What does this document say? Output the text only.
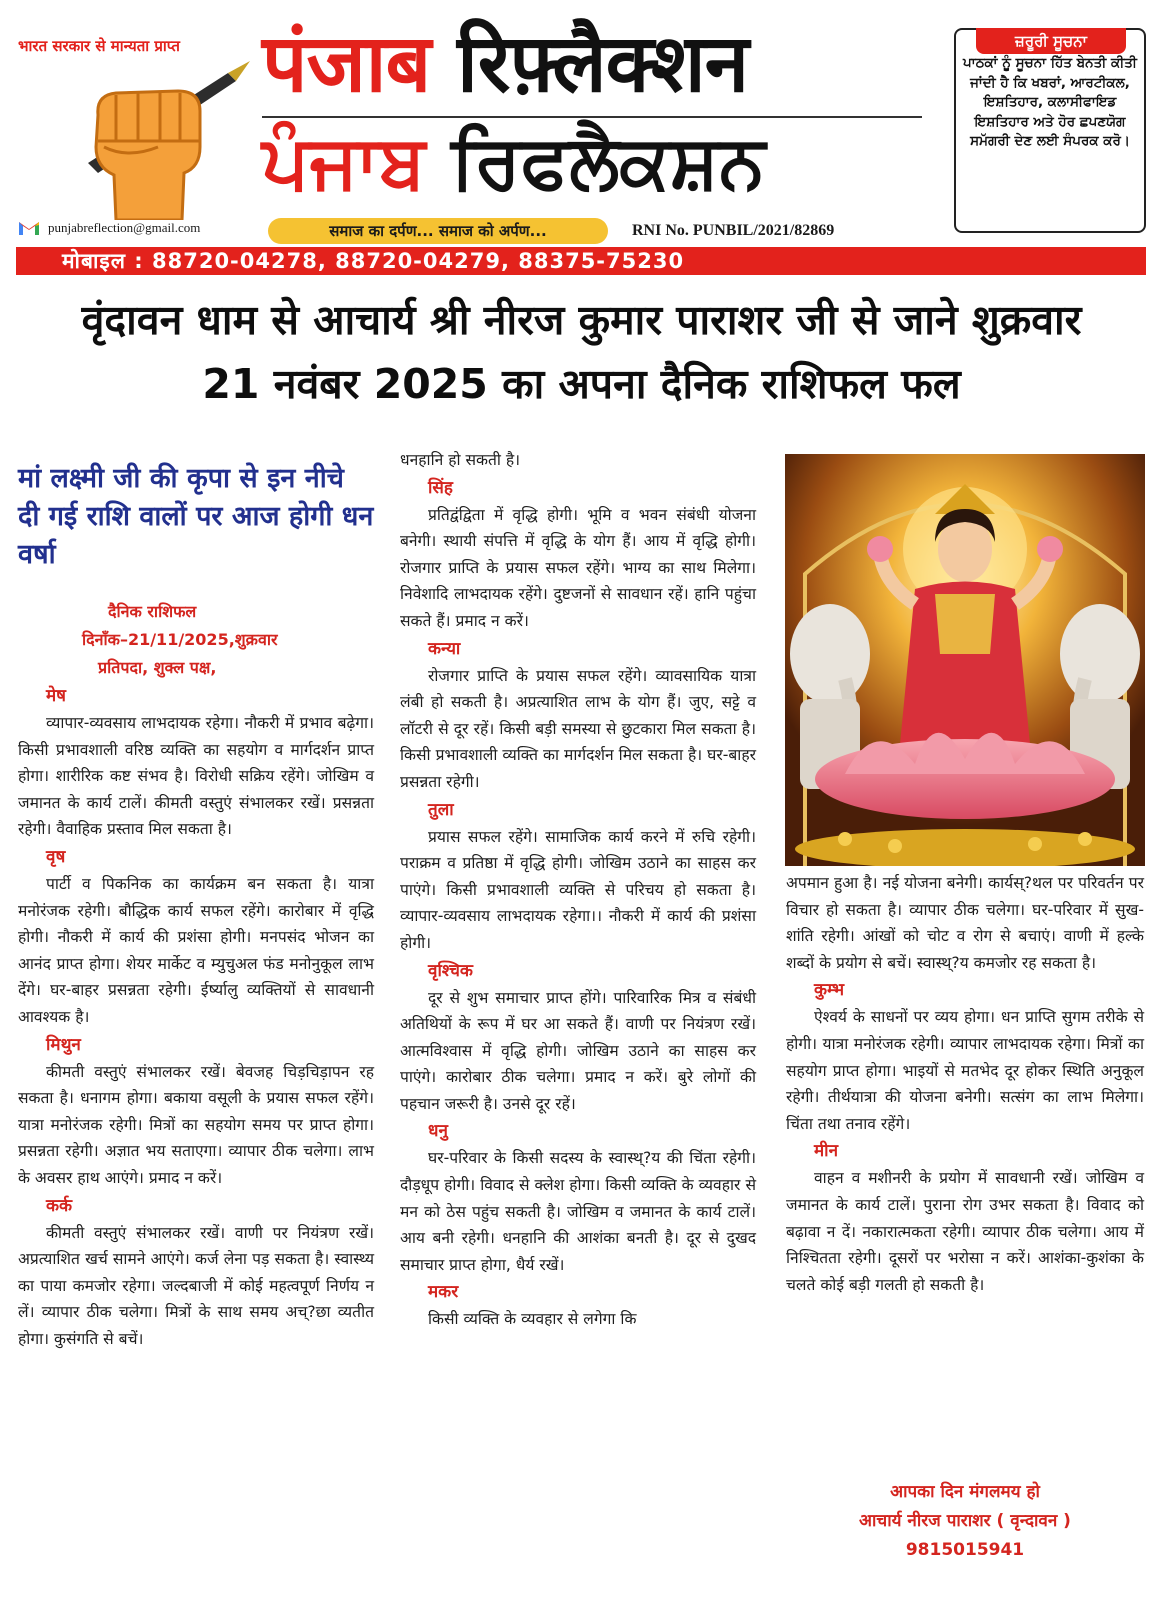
भारत सरकार से मान्यता प्राप्त
punjabreflection@gmail.com
पंजाब रिफ़्लैक्शन
ਪੰਜਾਬ ਰਿਫਲੈਕਸ਼ਨ
समाज का दर्पण... समाज को अर्पण...	RNI No. PUNBIL/2021/82869
ਜ਼ਰੂਰੀ ਸੂਚਨਾ
ਪਾਠਕਾਂ ਨੂੰ ਸੂਚਨਾ ਹਿੱਤ ਬੇਨਤੀ ਕੀਤੀ ਜਾਂਦੀ ਹੈ ਕਿ ਖਬਰਾਂ, ਆਰਟੀਕਲ, ਇਸ਼ਤਿਹਾਰ, ਕਲਾਸੀਫਾਇਡ ਇਸ਼ਤਿਹਾਰ ਅਤੇ ਹੋਰ ਛਪਣਯੋਗ ਸਮੱਗਰੀ ਦੇਣ ਲਈ ਸੰਪਰਕ ਕਰੋ।
मोबाइल : 88720-04278, 88720-04279, 88375-75230
वृंदावन धाम से आचार्य श्री नीरज कुमार पाराशर जी से जाने शुक्रवार
21 नवंबर 2025 का अपना दैनिक राशिफल फल
मां लक्ष्मी जी की कृपा से इन नीचे दी गई राशि वालों पर आज होगी धन वर्षा
दैनिक राशिफल
दिनाँक–21/11/2025,शुक्रवार
प्रतिपदा, शुक्ल पक्ष,
मेष

व्यापार-व्यवसाय लाभदायक रहेगा। नौकरी में प्रभाव बढ़ेगा। किसी प्रभावशाली वरिष्ठ व्यक्ति का सहयोग व मार्गदर्शन प्राप्त होगा। शारीरिक कष्ट संभव है। विरोधी सक्रिय रहेंगे। जोखिम व जमानत के कार्य टालें। कीमती वस्तुएं संभालकर रखें। प्रसन्नता रहेगी। वैवाहिक प्रस्ताव मिल सकता है।

वृष

पार्टी व पिकनिक का कार्यक्रम बन सकता है। यात्रा मनोरंजक रहेगी। बौद्धिक कार्य सफल रहेंगे। कारोबार में वृद्धि होगी। नौकरी में कार्य की प्रशंसा होगी। मनपसंद भोजन का आनंद प्राप्त होगा। शेयर मार्केट व म्युचुअल फंड मनोनुकूल लाभ देंगे। घर-बाहर प्रसन्नता रहेगी। ईर्ष्यालु व्यक्तियों से सावधानी आवश्यक है।

मिथुन

कीमती वस्तुएं संभालकर रखें। बेवजह चिड़चिड़ापन रह सकता है। धनागम होगा। बकाया वसूली के प्रयास सफल रहेंगे। यात्रा मनोरंजक रहेगी। मित्रों का सहयोग समय पर प्राप्त होगा। प्रसन्नता रहेगी। अज्ञात भय सताएगा। व्यापार ठीक चलेगा। लाभ के अवसर हाथ आएंगे। प्रमाद न करें।

कर्क

कीमती वस्तुएं संभालकर रखें। वाणी पर नियंत्रण रखें। अप्रत्याशित खर्च सामने आएंगे। कर्ज लेना पड़ सकता है। स्वास्थ्य का पाया कमजोर रहेगा। जल्दबाजी में कोई महत्वपूर्ण निर्णय न लें। व्यापार ठीक चलेगा। मित्रों के साथ समय अच्?छा व्यतीत होगा। कुसंगति से बचें।

धनहानि हो सकती है।

सिंह

प्रतिद्वंद्विता में वृद्धि होगी। भूमि व भवन संबंधी योजना बनेगी। स्थायी संपत्ति में वृद्धि के योग हैं। आय में वृद्धि होगी। रोजगार प्राप्ति के प्रयास सफल रहेंगे। भाग्य का साथ मिलेगा। निवेशादि लाभदायक रहेंगे। दुष्टजनों से सावधान रहें। हानि पहुंचा सकते हैं। प्रमाद न करें।

कन्या

रोजगार प्राप्ति के प्रयास सफल रहेंगे। व्यावसायिक यात्रा लंबी हो सकती है। अप्रत्याशित लाभ के योग हैं। जुए, सट्टे व लॉटरी से दूर रहें। किसी बड़ी समस्या से छुटकारा मिल सकता है। किसी प्रभावशाली व्यक्ति का मार्गदर्शन मिल सकता है। घर-बाहर प्रसन्नता रहेगी।

तुला

प्रयास सफल रहेंगे। सामाजिक कार्य करने में रुचि रहेगी। पराक्रम व प्रतिष्ठा में वृद्धि होगी। जोखिम उठाने का साहस कर पाएंगे। किसी प्रभावशाली व्यक्ति से परिचय हो सकता है। व्यापार-व्यवसाय लाभदायक रहेगा।। नौकरी में कार्य की प्रशंसा होगी।

वृश्चिक

दूर से शुभ समाचार प्राप्त होंगे। पारिवारिक मित्र व संबंधी अतिथियों के रूप में घर आ सकते हैं। वाणी पर नियंत्रण रखें। आत्मविश्वास में वृद्धि होगी। जोखिम उठाने का साहस कर पाएंगे। कारोबार ठीक चलेगा। प्रमाद न करें। बुरे लोगों की पहचान जरूरी है। उनसे दूर रहें।

धनु

घर-परिवार के किसी सदस्य के स्वास्थ्?य की चिंता रहेगी। दौड़धूप होगी। विवाद से क्लेश होगा। किसी व्यक्ति के व्यवहार से मन को ठेस पहुंच सकती है। जोखिम व जमानत के कार्य टालें। आय बनी रहेगी। धनहानि की आशंका बनती है। दूर से दुखद समाचार प्राप्त होगा, धैर्य रखें।

मकर

किसी व्यक्ति के व्यवहार से लगेगा कि

अपमान हुआ है। नई योजना बनेगी। कार्यस्?थल पर परिवर्तन पर विचार हो सकता है। व्यापार ठीक चलेगा। घर-परिवार में सुख-शांति रहेगी। आंखों को चोट व रोग से बचाएं। वाणी में हल्के शब्दों के प्रयोग से बचें। स्वास्थ्?य कमजोर रह सकता है।

कुम्भ

ऐश्वर्य के साधनों पर व्यय होगा। धन प्राप्ति सुगम तरीके से होगी। यात्रा मनोरंजक रहेगी। व्यापार लाभदायक रहेगा। मित्रों का सहयोग प्राप्त होगा। भाइयों से मतभेद दूर होकर स्थिति अनुकूल रहेगी। तीर्थयात्रा की योजना बनेगी। सत्संग का लाभ मिलेगा। चिंता तथा तनाव रहेंगे।

मीन

वाहन व मशीनरी के प्रयोग में सावधानी रखें। जोखिम व जमानत के कार्य टालें। पुराना रोग उभर सकता है। विवाद को बढ़ावा न दें। नकारात्मकता रहेगी। व्यापार ठीक चलेगा। आय में निश्चितता रहेगी। दूसरों पर भरोसा न करें। आशंका-कुशंका के चलते कोई बड़ी गलती हो सकती है।

आपका दिन मंगलमय हो
आचार्य नीरज पाराशर ( वृन्दावन )
9815015941
